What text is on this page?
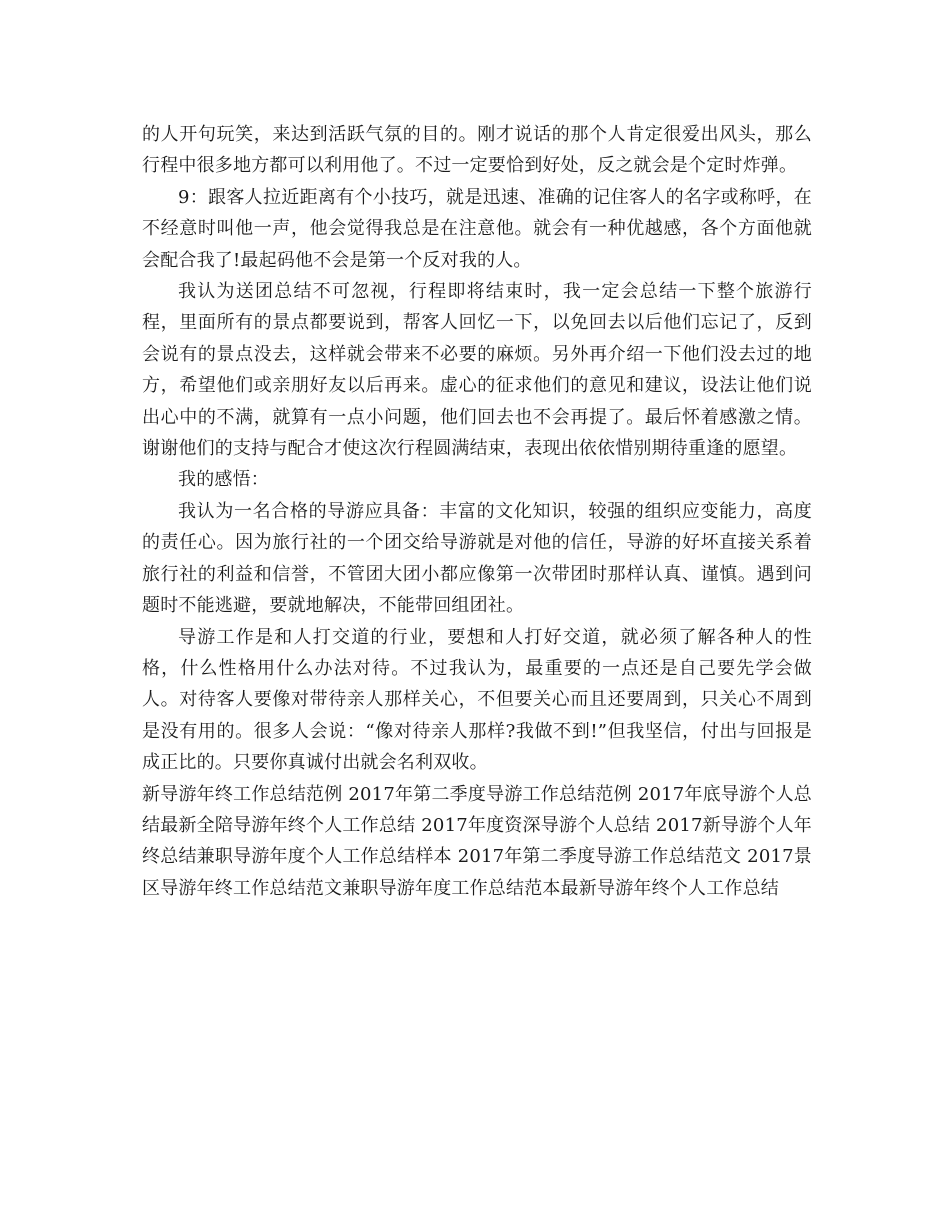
的人开句玩笑，来达到活跃气氛的目的。刚才说话的那个人肯定很爱出风头，那么行程中很多地方都可以利用他了。不过一定要恰到好处，反之就会是个定时炸弹。

9：跟客人拉近距离有个小技巧，就是迅速、准确的记住客人的名字或称呼，在不经意时叫他一声，他会觉得我总是在注意他。就会有一种优越感，各个方面他就会配合我了!最起码他不会是第一个反对我的人。

我认为送团总结不可忽视，行程即将结束时，我一定会总结一下整个旅游行程，里面所有的景点都要说到，帮客人回忆一下，以免回去以后他们忘记了，反到会说有的景点没去，这样就会带来不必要的麻烦。另外再介绍一下他们没去过的地方，希望他们或亲朋好友以后再来。虚心的征求他们的意见和建议，设法让他们说出心中的不满，就算有一点小问题，他们回去也不会再提了。最后怀着感激之情。谢谢他们的支持与配合才使这次行程圆满结束，表现出依依惜别期待重逢的愿望。

我的感悟：

我认为一名合格的导游应具备：丰富的文化知识，较强的组织应变能力，高度的责任心。因为旅行社的一个团交给导游就是对他的信任，导游的好坏直接关系着旅行社的利益和信誉，不管团大团小都应像第一次带团时那样认真、谨慎。遇到问题时不能逃避，要就地解决，不能带回组团社。

导游工作是和人打交道的行业，要想和人打好交道，就必须了解各种人的性格，什么性格用什么办法对待。不过我认为，最重要的一点还是自己要先学会做人。对待客人要像对带待亲人那样关心，不但要关心而且还要周到，只关心不周到是没有用的。很多人会说：“像对待亲人那样?我做不到!”但我坚信，付出与回报是成正比的。只要你真诚付出就会名利双收。

新导游年终工作总结范例 2017年第二季度导游工作总结范例 2017年底导游个人总结最新全陪导游年终个人工作总结 2017年度资深导游个人总结 2017新导游个人年终总结兼职导游年度个人工作总结样本 2017年第二季度导游工作总结范文 2017景区导游年终工作总结范文兼职导游年度工作总结范本最新导游年终个人工作总结
